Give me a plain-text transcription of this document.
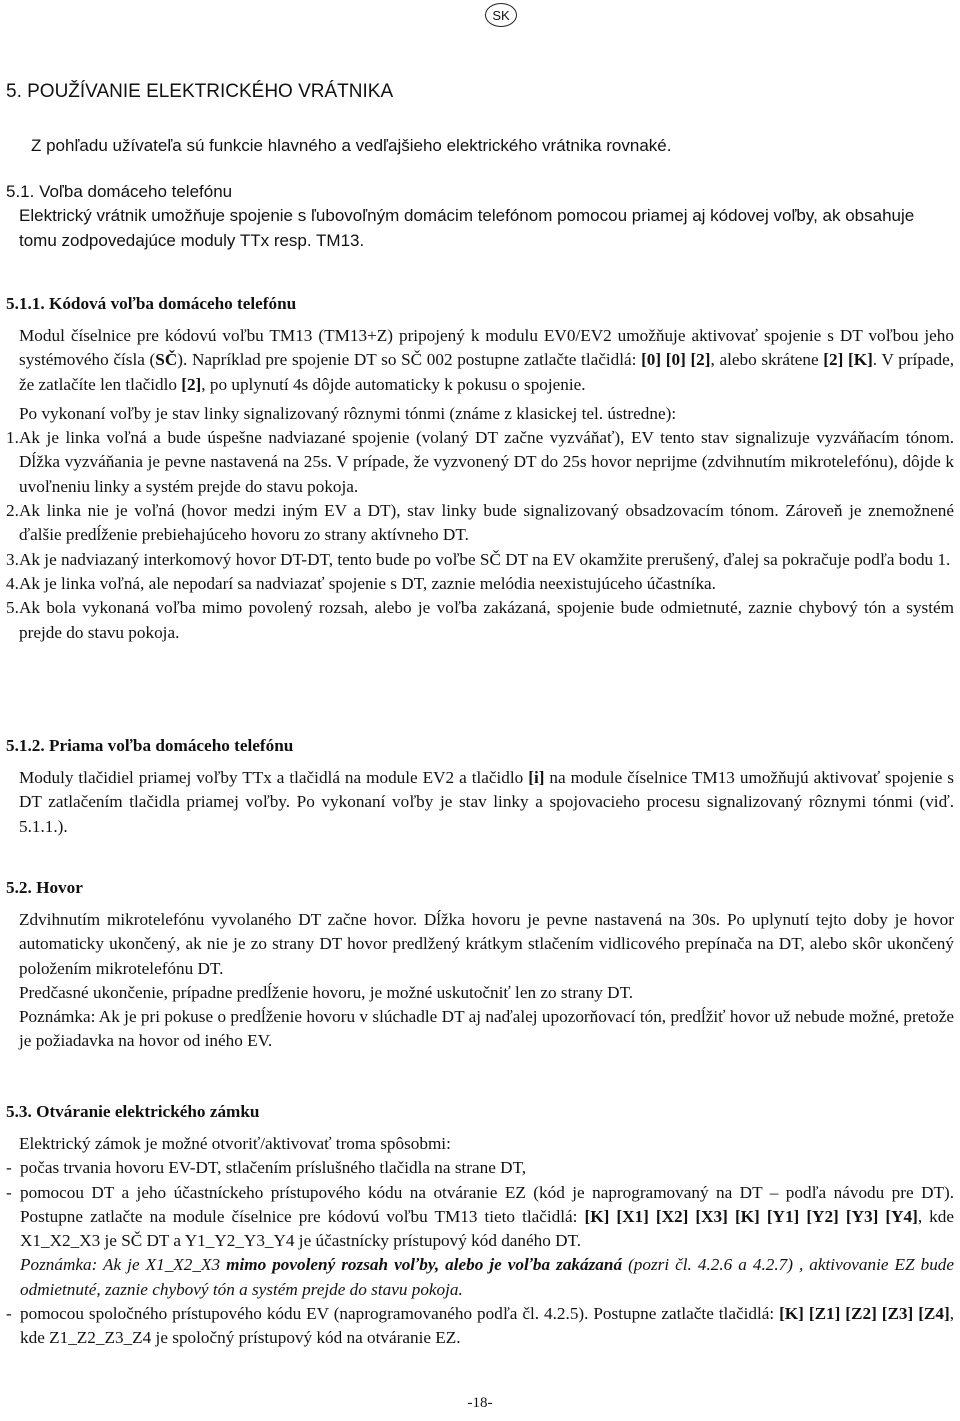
SK
5. POUŽÍVANIE ELEKTRICKÉHO VRÁTNIKA
Z pohľadu užívateľa sú funkcie hlavného a vedľajšieho elektrického vrátnika rovnaké.
5.1. Voľba domáceho telefónu
Elektrický vrátnik umožňuje spojenie s ľubovoľným domácim telefónom pomocou priamej aj kódovej voľby, ak obsahuje tomu zodpovedajúce moduly TTx resp. TM13.
5.1.1. Kódová voľba domáceho telefónu
Modul číselnice pre kódovú voľbu TM13 (TM13+Z) pripojený k modulu EV0/EV2 umožňuje aktivovať spojenie s DT voľbou jeho systémového čísla (SČ). Napríklad pre spojenie DT so SČ 002 postupne zatlačte tlačidlá: [0] [0] [2], alebo skrátene [2] [K]. V prípade, že zatlačíte len tlačidlo [2], po uplynutí 4s dôjde automaticky k pokusu o spojenie.
Po vykonaní voľby je stav linky signalizovaný rôznymi tónmi (známe z klasickej tel. ústredne):
1. Ak je linka voľná a bude úspešne nadviazané spojenie (volaný DT začne vyzváňať), EV tento stav signalizuje vyzváňacím tónom. Dĺžka vyzváňania je pevne nastavená na 25s. V prípade, že vyzvonený DT do 25s hovor neprijme (zdvihnutím mikrotelefónu), dôjde k uvoľneniu linky a systém prejde do stavu pokoja.
2. Ak linka nie je voľná (hovor medzi iným EV a DT), stav linky bude signalizovaný obsadzovacím tónom. Zároveň je znemožnené ďalšie predĺženie prebiehajúceho hovoru zo strany aktívneho DT.
3. Ak je nadviazaný interkomový hovor DT-DT, tento bude po voľbe SČ DT na EV okamžite prerušený, ďalej sa pokračuje podľa bodu 1.
4. Ak je linka voľná, ale nepodarí sa nadviazať spojenie s DT, zaznie melódia neexistujúceho účastníka.
5. Ak bola vykonaná voľba mimo povolený rozsah, alebo je voľba zakázaná, spojenie bude odmietnuté, zaznie chybový tón a systém prejde do stavu pokoja.
5.1.2. Priama voľba domáceho telefónu
Moduly tlačidiel priamej voľby TTx a tlačidlá na module EV2 a tlačidlo [i] na module číselnice TM13 umožňujú aktivovať spojenie s DT zatlačením tlačidla priamej voľby. Po vykonaní voľby je stav linky a spojovacieho procesu signalizovaný rôznymi tónmi (viď. 5.1.1.).
5.2. Hovor
Zdvihnutím mikrotelefónu vyvolaného DT začne hovor. Dĺžka hovoru je pevne nastavená na 30s. Po uplynutí tejto doby je hovor automaticky ukončený, ak nie je zo strany DT hovor predlžený krátkym stlačením vidlicového prepínača na DT, alebo skôr ukončený položením mikrotelefónu DT.
Predčasné ukončenie, prípadne predĺženie hovoru, je možné uskutočniť len zo strany DT.
Poznámka: Ak je pri pokuse o predĺženie hovoru v slúchadle DT aj naďalej upozorňovací tón, predĺžiť hovor už nebude možné, pretože je požiadavka na hovor od iného EV.
5.3. Otváranie elektrického zámku
Elektrický zámok je možné otvoriť/aktivovať troma spôsobmi:
- počas trvania hovoru EV-DT, stlačením príslušného tlačidla na strane DT,
- pomocou DT a jeho účastníckeho prístupového kódu na otváranie EZ (kód je naprogramovaný na DT – podľa návodu pre DT). Postupne zatlačte na module číselnice pre kódovú voľbu TM13 tieto tlačidlá: [K] [X1] [X2] [X3] [K] [Y1] [Y2] [Y3] [Y4], kde X1_X2_X3 je SČ DT a Y1_Y2_Y3_Y4 je účastnícky prístupový kód daného DT.
Poznámka: Ak je X1_X2_X3 mimo povolený rozsah voľby, alebo je voľba zakázaná (pozri čl. 4.2.6 a 4.2.7) , aktivovanie EZ bude odmietnuté, zaznie chybový tón a systém prejde do stavu pokoja.
- pomocou spoločného prístupového kódu EV (naprogramovaného podľa čl. 4.2.5). Postupne zatlačte tlačidlá: [K] [Z1] [Z2] [Z3] [Z4], kde Z1_Z2_Z3_Z4 je spoločný prístupový kód na otváranie EZ.
-18-
